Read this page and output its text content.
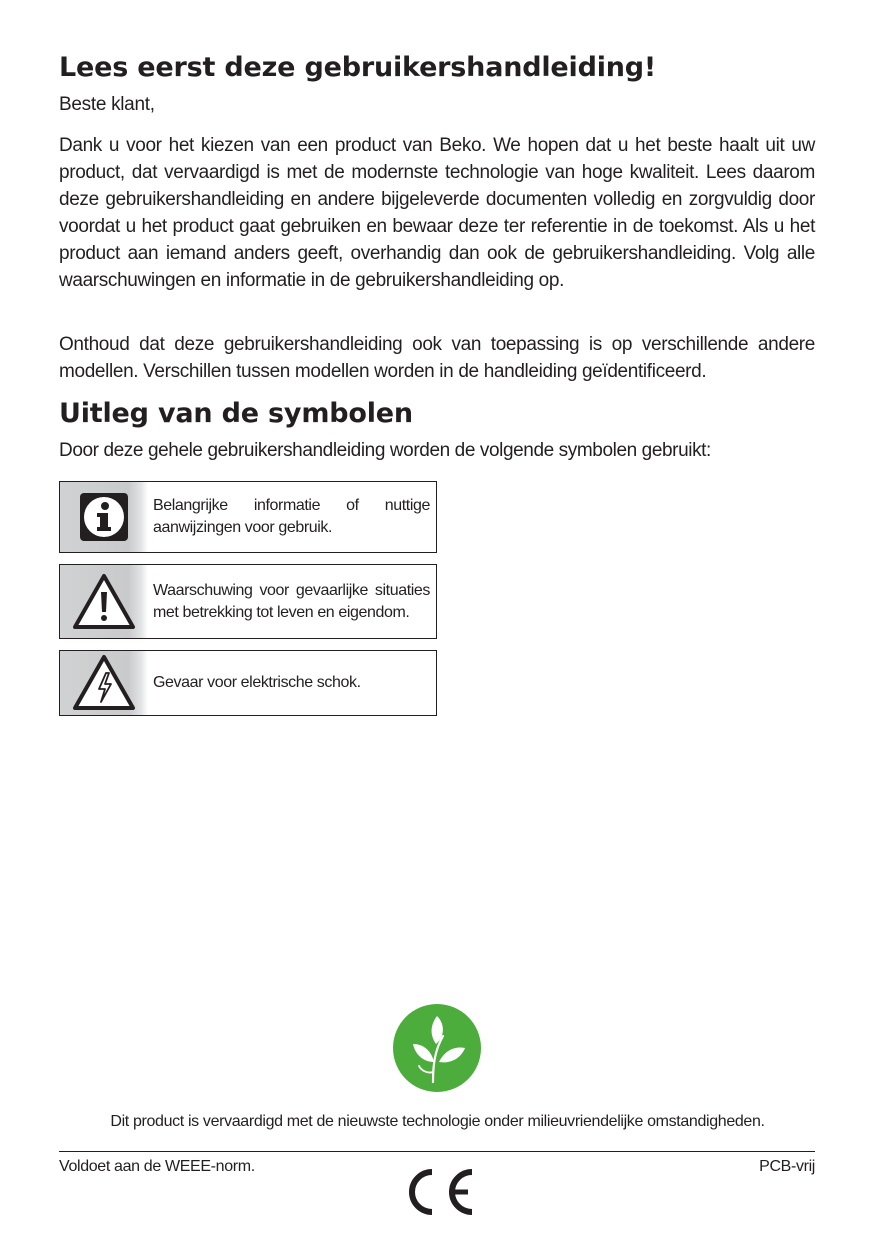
Lees eerst deze gebruikershandleiding!

Beste klant,

Dank u voor het kiezen van een product van Beko. We hopen dat u het beste haalt uit uw product, dat vervaardigd is met de modernste technologie van hoge kwaliteit. Lees daarom deze gebruikershandleiding en andere bijgeleverde documenten volledig en zorgvuldig door voordat u het product gaat gebruiken en bewaar deze ter referentie in de toekomst. Als u het product aan iemand anders geeft, overhandig dan ook de gebruikershandleiding. Volg alle waarschuwingen en informatie in de gebruikershandleiding op.

Onthoud dat deze gebruikershandleiding ook van toepassing is op verschillende andere modellen. Verschillen tussen modellen worden in de handleiding geïdentificeerd.

Uitleg van de symbolen

Door deze gehele gebruikershandleiding worden de volgende symbolen gebruikt:

Belangrijke informatie of nuttige aanwijzingen voor gebruik.
Waarschuwing voor gevaarlijke situaties met betrekking tot leven en eigendom.
Gevaar voor elektrische schok.

Dit product is vervaardigd met de nieuwste technologie onder milieuvriendelijke omstandigheden.

Voldoet aan de WEEE-norm.	PCB-vrij
